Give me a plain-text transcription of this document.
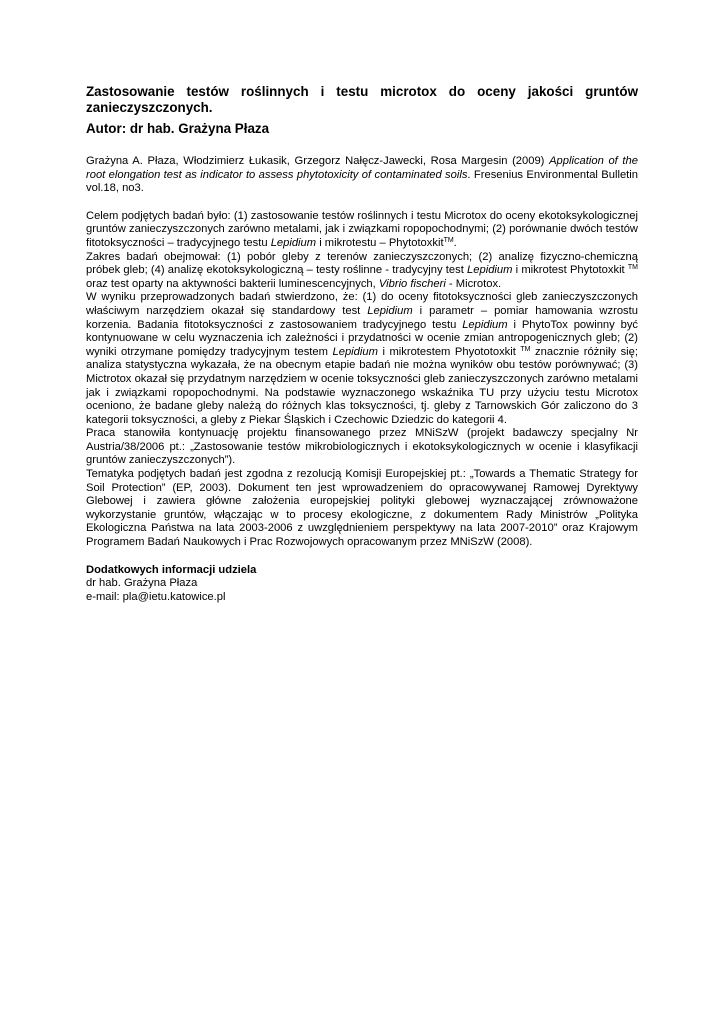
Zastosowanie testów roślinnych i testu microtox do oceny jakości gruntów zanieczyszczonych.
Autor: dr hab. Grażyna Płaza

Grażyna A. Płaza, Włodzimierz Łukasik, Grzegorz Nałęcz-Jawecki, Rosa Margesin (2009) Application of the root elongation test as indicator to assess phytotoxicity of contaminated soils. Fresenius Environmental Bulletin vol.18, no3.

Celem podjętych badań było: (1) zastosowanie testów roślinnych i testu Microtox do oceny ekotoksykologicznej gruntów zanieczyszczonych zarówno metalami, jak i związkami ropopochodnymi; (2) porównanie dwóch testów fitotoksyczności – tradycyjnego testu Lepidium i mikrotestu – Phytotoxkit™.

Zakres badań obejmował: (1) pobór gleby z terenów zanieczyszczonych; (2) analizę fizyczno-chemiczną próbek gleb; (4) analizę ekotoksykologiczną – testy roślinne - tradycyjny test Lepidium i mikrotest Phytotoxkit ™ oraz test oparty na aktywności bakterii luminescencyjnych, Vibrio fischeri - Microtox.

W wyniku przeprowadzonych badań stwierdzono, że: (1) do oceny fitotoksyczności gleb zanieczyszczonych właściwym narzędziem okazał się standardowy test Lepidium i parametr – pomiar hamowania wzrostu korzenia. Badania fitotoksyczności z zastosowaniem tradycyjnego testu Lepidium i PhytoTox powinny być kontynuowane w celu wyznaczenia ich zależności i przydatności w ocenie zmian antropogenicznych gleb; (2) wyniki otrzymane pomiędzy tradycyjnym testem Lepidium i mikrotestem Phyototoxkit ™ znacznie różniły się; analiza statystyczna wykazała, że na obecnym etapie badań nie można wyników obu testów porównywać; (3) Mictrotox okazał się przydatnym narzędziem w ocenie toksyczności gleb zanieczyszczonych zarówno metalami jak i związkami ropopochodnymi. Na podstawie wyznaczonego wskaźnika TU przy użyciu testu Microtox oceniono, że badane gleby należą do różnych klas toksyczności, tj. gleby z Tarnowskich Gór zaliczono do 3 kategorii toksyczności, a gleby z Piekar Śląskich i Czechowic Dziedzic do kategorii 4.

Praca stanowiła kontynuację projektu finansowanego przez MNiSzW (projekt badawczy specjalny Nr Austria/38/2006 pt.: „Zastosowanie testów mikrobiologicznych i ekotoksykologicznych w ocenie i klasyfikacji gruntów zanieczyszczonych”).

Tematyka podjętych badań jest zgodna z rezolucją Komisji Europejskiej pt.: „Towards a Thematic Strategy for Soil Protection” (EP, 2003). Dokument ten jest wprowadzeniem do opracowywanej Ramowej Dyrektywy Glebowej i zawiera główne założenia europejskiej polityki glebowej wyznaczającej zrównoważone wykorzystanie gruntów, włączając w to procesy ekologiczne, z dokumentem Rady Ministrów „Polityka Ekologiczna Państwa na lata 2003-2006 z uwzględnieniem perspektywy na lata 2007-2010” oraz Krajowym Programem Badań Naukowych i Prac Rozwojowych opracowanym przez MNiSzW (2008).

Dodatkowych informacji udziela

dr hab. Grażyna Płaza

e-mail: pla@ietu.katowice.pl
